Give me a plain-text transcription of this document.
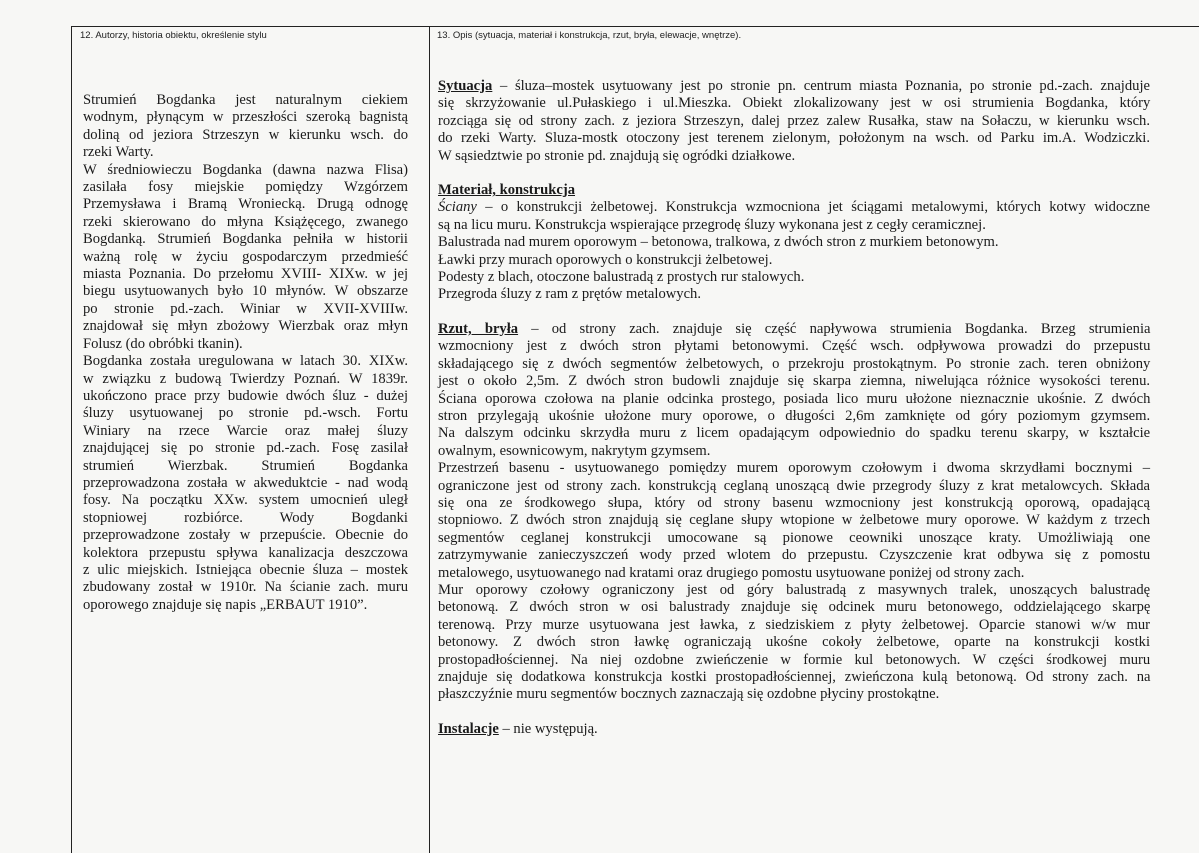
12. Autorzy, historia obiektu, określenie stylu	13. Opis (sytuacja, materiał i konstrukcja, rzut, bryła, elewacje, wnętrze).
Strumień Bogdanka jest naturalnym ciekiem
wodnym, płynącym w przeszłości szeroką bagnistą
doliną od jeziora Strzeszyn w kierunku wsch. do
rzeki Warty.
W średniowieczu Bogdanka (dawna nazwa Flisa)
zasilała fosy miejskie pomiędzy Wzgórzem
Przemysława i Bramą Wroniecką. Drugą odnogę
rzeki skierowano do młyna Książęcego, zwanego
Bogdanką. Strumień Bogdanka pełniła w historii
ważną rolę w życiu gospodarczym przedmieść
miasta Poznania. Do przełomu XVIII- XIXw. w jej
biegu usytuowanych było 10 młynów. W obszarze
po stronie pd.-zach. Winiar w XVII-XVIIIw.
znajdował się młyn zbożowy Wierzbak oraz młyn
Folusz (do obróbki tkanin).
Bogdanka została uregulowana w latach 30. XIXw.
w związku z budową Twierdzy Poznań. W 1839r.
ukończono prace przy budowie dwóch śluz - dużej
śluzy usytuowanej po stronie pd.-wsch. Fortu
Winiary na rzece Warcie oraz małej śluzy
znajdującej się po stronie pd.-zach. Fosę zasilał
strumień Wierzbak. Strumień Bogdanka
przeprowadzona została w akweduktcie - nad wodą
fosy. Na początku XXw. system umocnień uległ
stopniowej rozbiórce. Wody Bogdanki
przeprowadzone zostały w przepuście. Obecnie do
kolektora przepustu spływa kanalizacja deszczowa
z ulic miejskich. Istniejąca obecnie śluza – mostek
zbudowany został w 1910r. Na ścianie zach. muru
oporowego znajduje się napis „ERBAUT 1910”.
Sytuacja – śluza–mostek usytuowany jest po stronie pn. centrum miasta Poznania, po stronie pd.-zach. znajduje
się skrzyżowanie ul.Pułaskiego i ul.Mieszka. Obiekt zlokalizowany jest w osi strumienia Bogdanka, który
rozciąga się od strony zach. z jeziora Strzeszyn, dalej przez zalew Rusałka, staw na Sołaczu, w kierunku wsch.
do rzeki Warty. Sluza-mostk otoczony jest terenem zielonym, położonym na wsch. od Parku im.A. Wodziczki.
W sąsiedztwie po stronie pd. znajdują się ogródki działkowe.
Materiał, konstrukcja
Ściany – o konstrukcji żelbetowej. Konstrukcja wzmocniona jet ściągami metalowymi, których kotwy widoczne
są na licu muru. Konstrukcja wspierające przegrodę śluzy wykonana jest z cegły ceramicznej.
Balustrada nad murem oporowym – betonowa, tralkowa, z dwóch stron z murkiem betonowym.
Ławki przy murach oporowych o konstrukcji żelbetowej.
Podesty z blach, otoczone balustradą z prostych rur stalowych.
Przegroda śluzy z ram z prętów metalowych.
Rzut, bryła – od strony zach. znajduje się część napływowa strumienia Bogdanka. Brzeg strumienia
wzmocniony jest z dwóch stron płytami betonowymi. Część wsch. odpływowa prowadzi do przepustu
składającego się z dwóch segmentów żelbetowych, o przekroju prostokątnym. Po stronie zach. teren obniżony
jest o około 2,5m. Z dwóch stron budowli znajduje się skarpa ziemna, niwelująca różnice wysokości terenu.
Ściana oporowa czołowa na planie odcinka prostego, posiada lico muru ułożone nieznacznie ukośnie. Z dwóch
stron przylegają ukośnie ułożone mury oporowe, o długości 2,6m zamknięte od góry poziomym gzymsem.
Na dalszym odcinku skrzydła muru z licem opadającym odpowiednio do spadku terenu skarpy, w kształcie
owalnym, esownicowym, nakrytym gzymsem.
Przestrzeń basenu - usytuowanego pomiędzy murem oporowym czołowym i dwoma skrzydłami bocznymi –
ograniczone jest od strony zach. konstrukcją ceglaną unoszącą dwie przegrody śluzy z krat metalowcych. Składa
się ona ze środkowego słupa, który od strony basenu wzmocniony jest konstrukcją oporową, opadającą
stopniowo. Z dwóch stron znajdują się ceglane słupy wtopione w żelbetowe mury oporowe. W każdym z trzech
segmentów ceglanej konstrukcji umocowane są pionowe ceowniki unoszące kraty. Umożliwiają one
zatrzymywanie zanieczyszczeń wody przed wlotem do przepustu. Czyszczenie krat odbywa się z pomostu
metalowego, usytuowanego nad kratami oraz drugiego pomostu usytuowane poniżej od strony zach.
Mur oporowy czołowy ograniczony jest od góry balustradą z masywnych tralek, unoszących balustradę
betonową. Z dwóch stron w osi balustrady znajduje się odcinek muru betonowego, oddzielającego skarpę
terenową. Przy murze usytuowana jest ławka, z siedziskiem z płyty żelbetowej. Oparcie stanowi w/w mur
betonowy. Z dwóch stron ławkę ograniczają ukośne cokoły żelbetowe, oparte na konstrukcji kostki
prostopadłościennej. Na niej ozdobne zwieńczenie w formie kul betonowych. W części środkowej muru
znajduje się dodatkowa konstrukcja kostki prostopadłościennej, zwieńczona kulą betonową. Od strony zach. na
płaszczyźnie muru segmentów bocznych zaznaczają się ozdobne płyciny prostokątne.
Instalacje – nie występują.
